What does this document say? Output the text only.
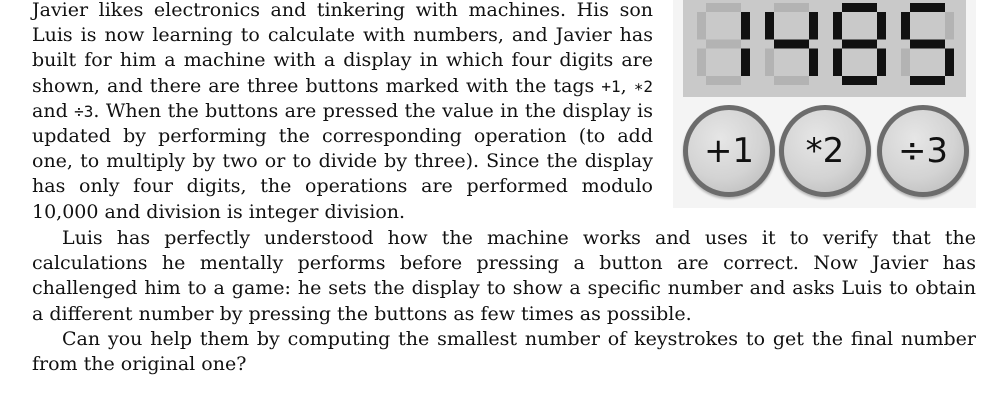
Javier likes electronics and tinkering with machines. His son Luis is now learning to calculate with numbers, and Javier has built for him a machine with a display in which four digits are shown, and there are three buttons marked with the tags +1, ∗2 and ÷3. When the buttons are pressed the value in the display is updated by performing the corresponding operation (to add one, to multiply by two or to divide by three). Since the display has only four digits, the operations are performed modulo 10,000 and division is integer division.

Luis has perfectly understood how the machine works and uses it to verify that the calculations he mentally performs before pressing a button are correct. Now Javier has challenged him to a game: he sets the display to show a specific number and asks Luis to obtain a different number by pressing the buttons as few times as possible.

Can you help them by computing the smallest number of keystrokes to get the final number from the original one?

+1	*2	÷3
